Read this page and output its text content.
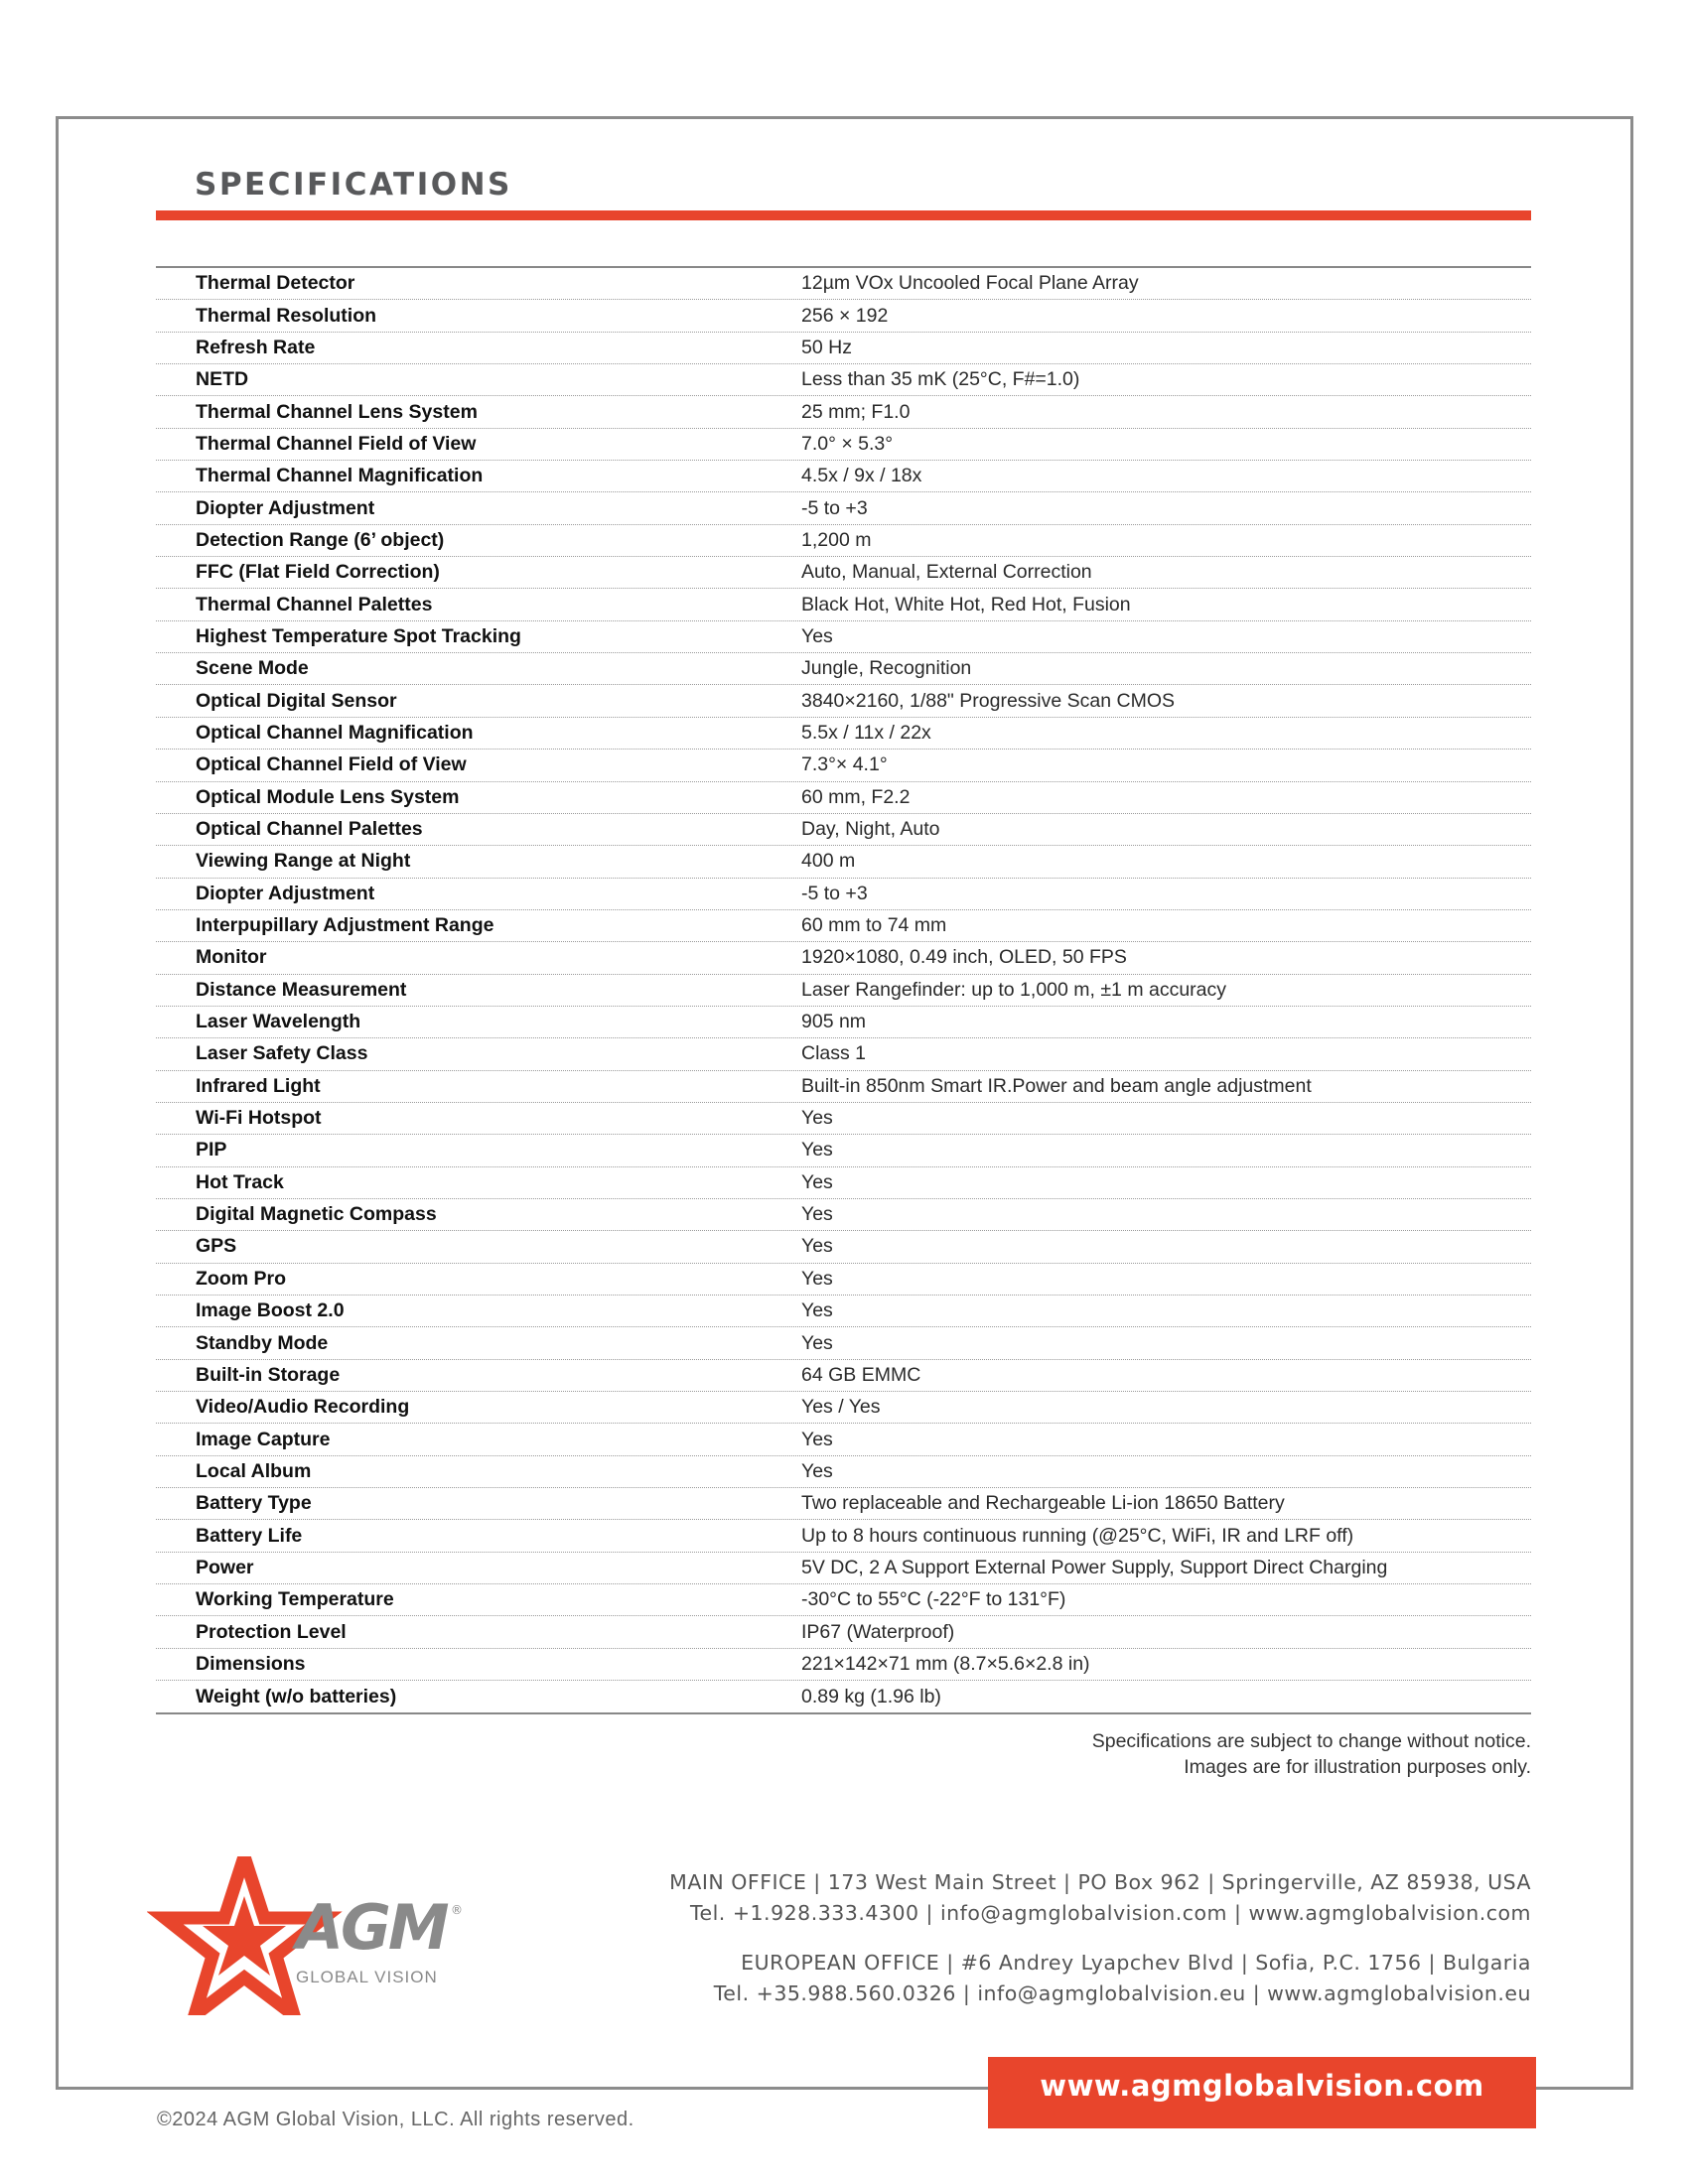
SPECIFICATIONS
Thermal Detector	12µm VOx Uncooled Focal Plane Array
Thermal Resolution	256 × 192
Refresh Rate	50 Hz
NETD	Less than 35 mK (25°C, F#=1.0)
Thermal Channel Lens System	25 mm; F1.0
Thermal Channel Field of View	7.0° × 5.3°
Thermal Channel Magnification	4.5x / 9x / 18x
Diopter Adjustment	-5 to +3
Detection Range (6’ object)	1,200 m
FFC (Flat Field Correction)	Auto, Manual, External Correction
Thermal Channel Palettes	Black Hot, White Hot, Red Hot, Fusion
Highest Temperature Spot Tracking	Yes
Scene Mode	Jungle, Recognition
Optical Digital Sensor	3840×2160, 1/88" Progressive Scan CMOS
Optical Channel Magnification	5.5x / 11x / 22x
Optical Channel Field of View	7.3°× 4.1°
Optical Module Lens System	60 mm, F2.2
Optical Channel Palettes	Day, Night, Auto
Viewing Range at Night	400 m
Diopter Adjustment	-5 to +3
Interpupillary Adjustment Range	60 mm to 74 mm
Monitor	1920×1080, 0.49 inch, OLED, 50 FPS
Distance Measurement	Laser Rangefinder: up to 1,000 m, ±1 m accuracy
Laser Wavelength	905 nm
Laser Safety Class	Class 1
Infrared Light	Built-in 850nm Smart IR.Power and beam angle adjustment
Wi-Fi Hotspot	Yes
PIP	Yes
Hot Track	Yes
Digital Magnetic Compass	Yes
GPS	Yes
Zoom Pro	Yes
Image Boost 2.0	Yes
Standby Mode	Yes
Built-in Storage	64 GB EMMC
Video/Audio Recording	Yes / Yes
Image Capture	Yes
Local Album	Yes
Battery Type	Two replaceable and Rechargeable Li-ion 18650 Battery
Battery Life	Up to 8 hours continuous running (@25°C, WiFi, IR and LRF off)
Power	5V DC, 2 A Support External Power Supply, Support Direct Charging
Working Temperature	-30°C to 55°C (-22°F to 131°F)
Protection Level	IP67 (Waterproof)
Dimensions	221×142×71 mm (8.7×5.6×2.8 in)
Weight (w/o batteries)	0.89 kg (1.96 lb)
Specifications are subject to change without notice.
Images are for illustration purposes only.
AGM ®
GLOBAL VISION
MAIN OFFICE | 173 West Main Street | PO Box 962 | Springerville, AZ 85938, USA
Tel. +1.928.333.4300 | info@agmglobalvision.com | www.agmglobalvision.com
EUROPEAN OFFICE | #6 Andrey Lyapchev Blvd | Sofia, P.C. 1756 | Bulgaria
Tel. +35.988.560.0326 | info@agmglobalvision.eu | www.agmglobalvision.eu
www.agmglobalvision.com
©2024 AGM Global Vision, LLC. All rights reserved.
